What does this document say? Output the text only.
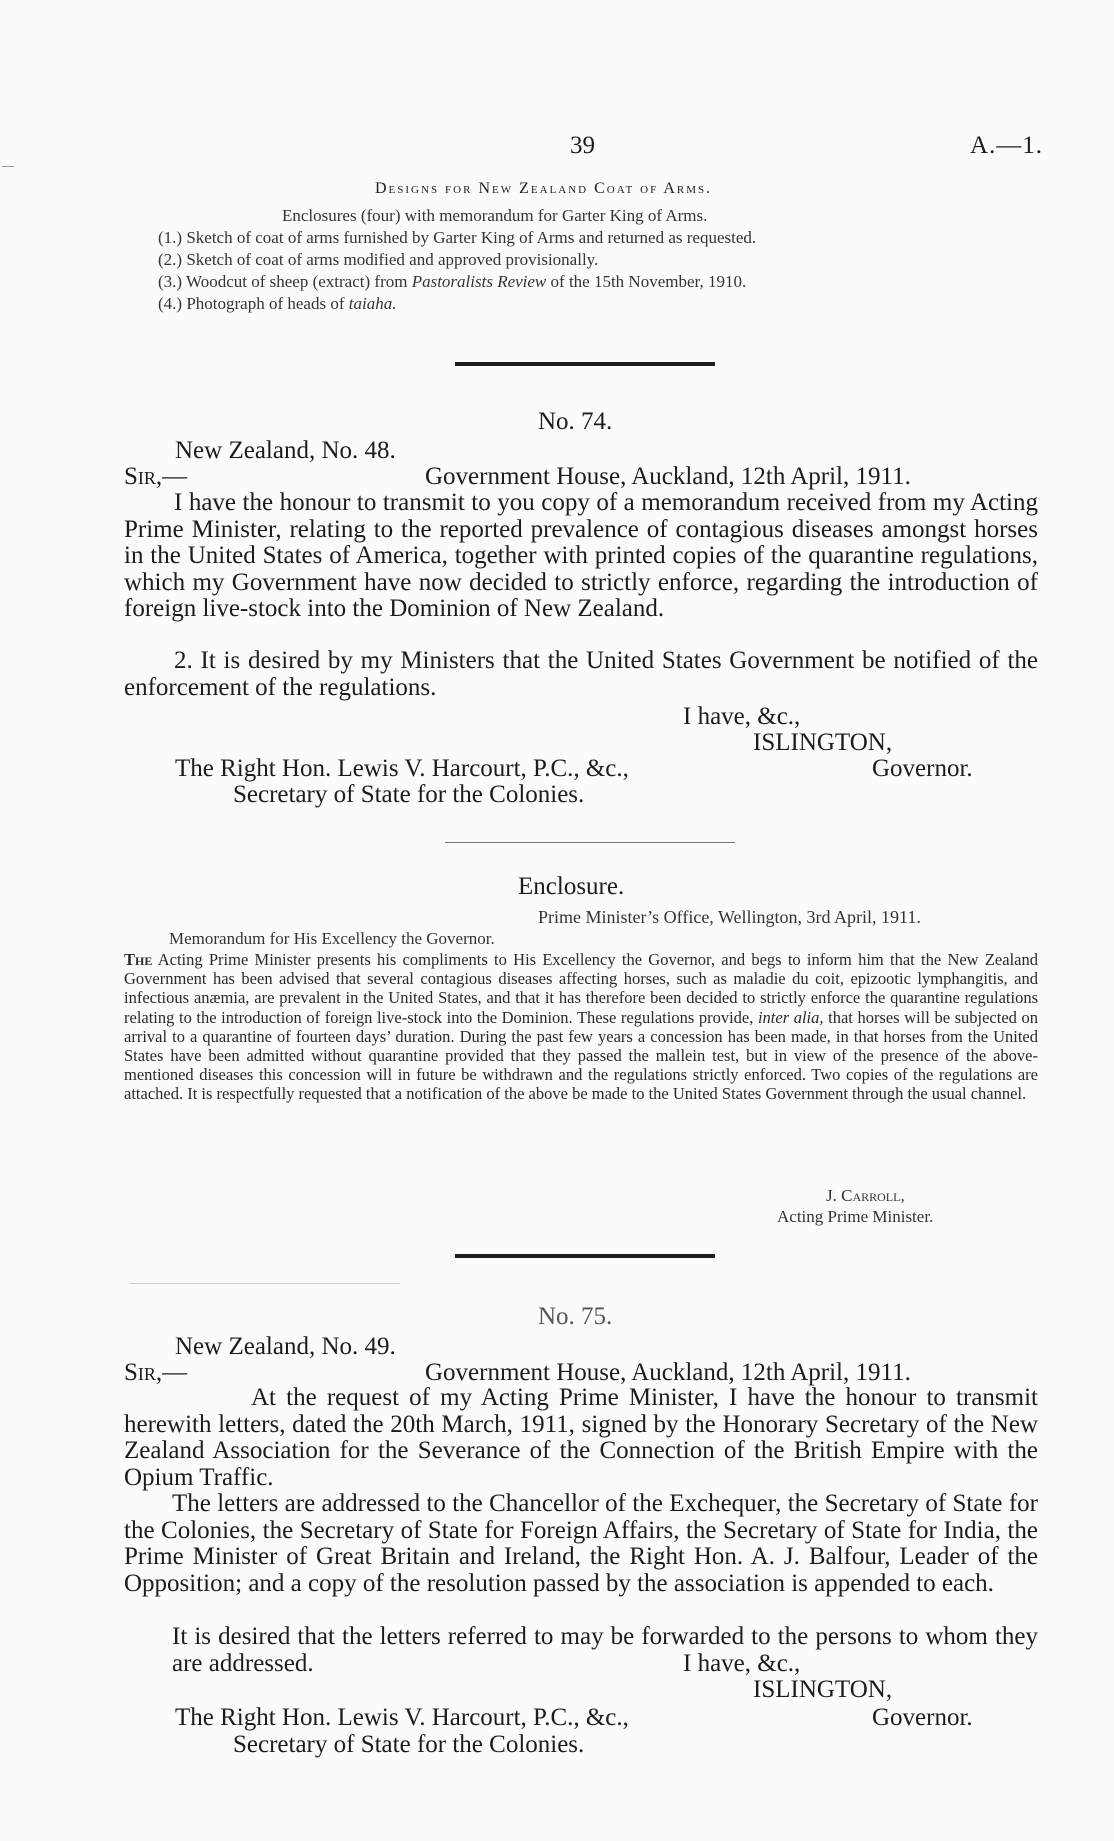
39	A.—1.
Designs for New Zealand Coat of Arms.
Enclosures (four) with memorandum for Garter King of Arms.
(1.) Sketch of coat of arms furnished by Garter King of Arms and returned as requested.
(2.) Sketch of coat of arms modified and approved provisionally.
(3.) Woodcut of sheep (extract) from Pastoralists Review of the 15th November, 1910.
(4.) Photograph of heads of taiaha.
No. 74.
New Zealand, No. 48.
Sir,—	Government House, Auckland, 12th April, 1911.
I have the honour to transmit to you copy of a memorandum received from my Acting Prime Minister, relating to the reported prevalence of contagious diseases amongst horses in the United States of America, together with printed copies of the quarantine regulations, which my Government have now decided to strictly enforce, regarding the introduction of foreign live-stock into the Dominion of New Zealand.
2. It is desired by my Ministers that the United States Government be notified of the enforcement of the regulations.
I have, &c.,
ISLINGTON,
The Right Hon. Lewis V. Harcourt, P.C., &c.,	Governor.
Secretary of State for the Colonies.
Enclosure.
Prime Minister’s Office, Wellington, 3rd April, 1911.
Memorandum for His Excellency the Governor.

The Acting Prime Minister presents his compliments to His Excellency the Governor, and begs to inform him that the New Zealand Government has been advised that several contagious diseases affecting horses, such as maladie du coit, epizootic lymphangitis, and infectious anæmia, are prevalent in the United States, and that it has therefore been decided to strictly enforce the quarantine regulations relating to the introduction of foreign live-stock into the Dominion. These regulations provide, inter alia, that horses will be subjected on arrival to a quarantine of fourteen days’ duration. During the past few years a concession has been made, in that horses from the United States have been admitted without quarantine provided that they passed the mallein test, but in view of the presence of the above-mentioned diseases this concession will in future be withdrawn and the regulations strictly enforced. Two copies of the regulations are attached. It is respectfully requested that a notification of the above be made to the United States Government through the usual channel.

J. Carroll,
Acting Prime Minister.
No. 75.
New Zealand, No. 49.
Sir,—	Government House, Auckland, 12th April, 1911.
At the request of my Acting Prime Minister, I have the honour to transmit herewith letters, dated the 20th March, 1911, signed by the Honorary Secretary of the New Zealand Association for the Severance of the Connection of the British Empire with the Opium Traffic.
The letters are addressed to the Chancellor of the Exchequer, the Secretary of State for the Colonies, the Secretary of State for Foreign Affairs, the Secretary of State for India, the Prime Minister of Great Britain and Ireland, the Right Hon. A. J. Balfour, Leader of the Opposition; and a copy of the resolution passed by the association is appended to each.
It is desired that the letters referred to may be forwarded to the persons to whom they are addressed.	I have, &c.,
ISLINGTON,
The Right Hon. Lewis V. Harcourt, P.C., &c.,	Governor.
Secretary of State for the Colonies.
